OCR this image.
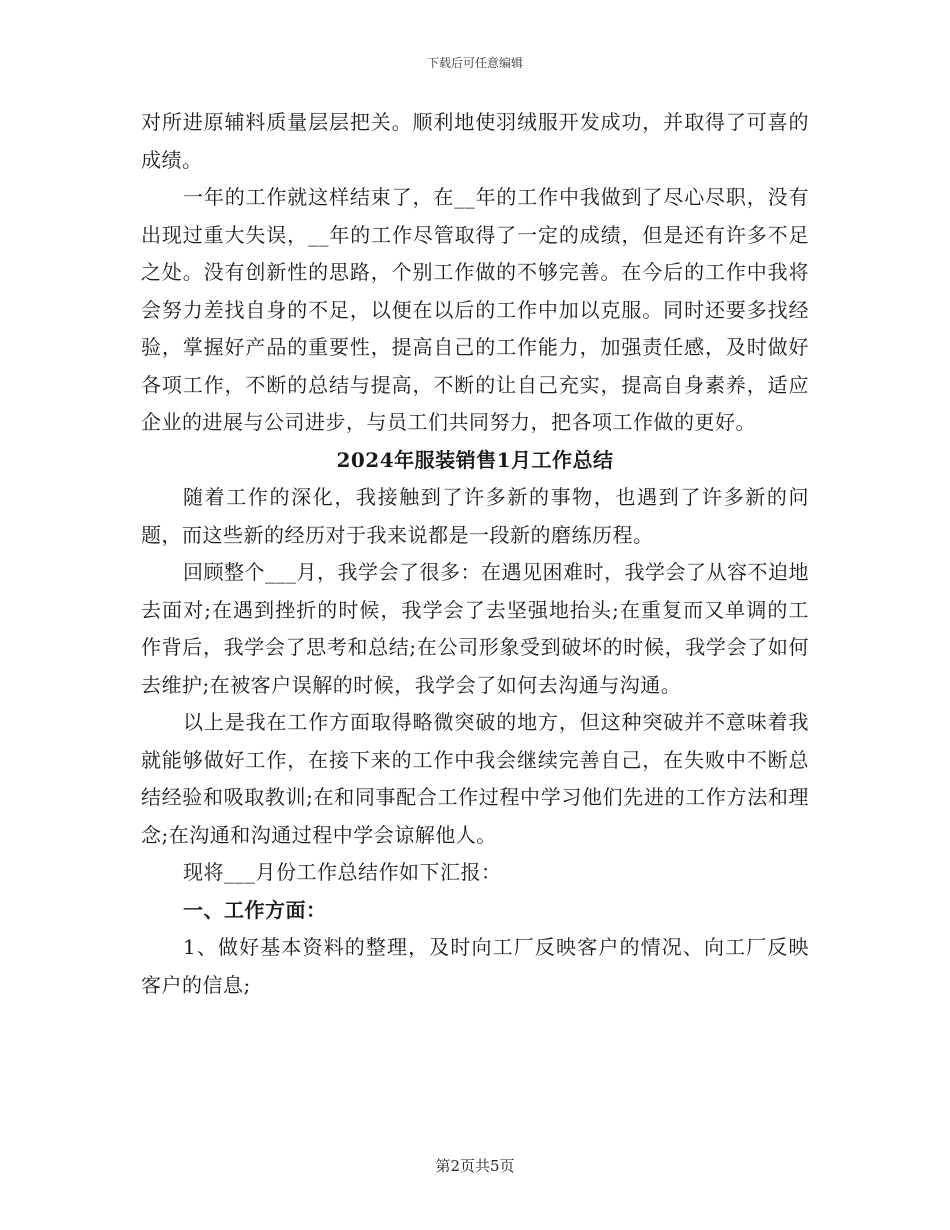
下载后可任意编辑

对所进原辅料质量层层把关。顺利地使羽绒服开发成功，并取得了可喜的成绩。

一年的工作就这样结束了，在__年的工作中我做到了尽心尽职，没有出现过重大失误，__年的工作尽管取得了一定的成绩，但是还有许多不足之处。没有创新性的思路，个别工作做的不够完善。在今后的工作中我将会努力差找自身的不足，以便在以后的工作中加以克服。同时还要多找经验，掌握好产品的重要性，提高自己的工作能力，加强责任感，及时做好各项工作，不断的总结与提高，不断的让自己充实，提高自身素养，适应企业的进展与公司进步，与员工们共同努力，把各项工作做的更好。

2024年服装销售1月工作总结

随着工作的深化，我接触到了许多新的事物，也遇到了许多新的问题，而这些新的经历对于我来说都是一段新的磨练历程。

回顾整个___月，我学会了很多：在遇见困难时，我学会了从容不迫地去面对;在遇到挫折的时候，我学会了去坚强地抬头;在重复而又单调的工作背后，我学会了思考和总结;在公司形象受到破坏的时候，我学会了如何去维护;在被客户误解的时候，我学会了如何去沟通与沟通。

以上是我在工作方面取得略微突破的地方，但这种突破并不意味着我就能够做好工作，在接下来的工作中我会继续完善自己，在失败中不断总结经验和吸取教训;在和同事配合工作过程中学习他们先进的工作方法和理念;在沟通和沟通过程中学会谅解他人。

现将___月份工作总结作如下汇报：

一、工作方面：

1、做好基本资料的整理，及时向工厂反映客户的情况、向工厂反映客户的信息;

第2页共5页
